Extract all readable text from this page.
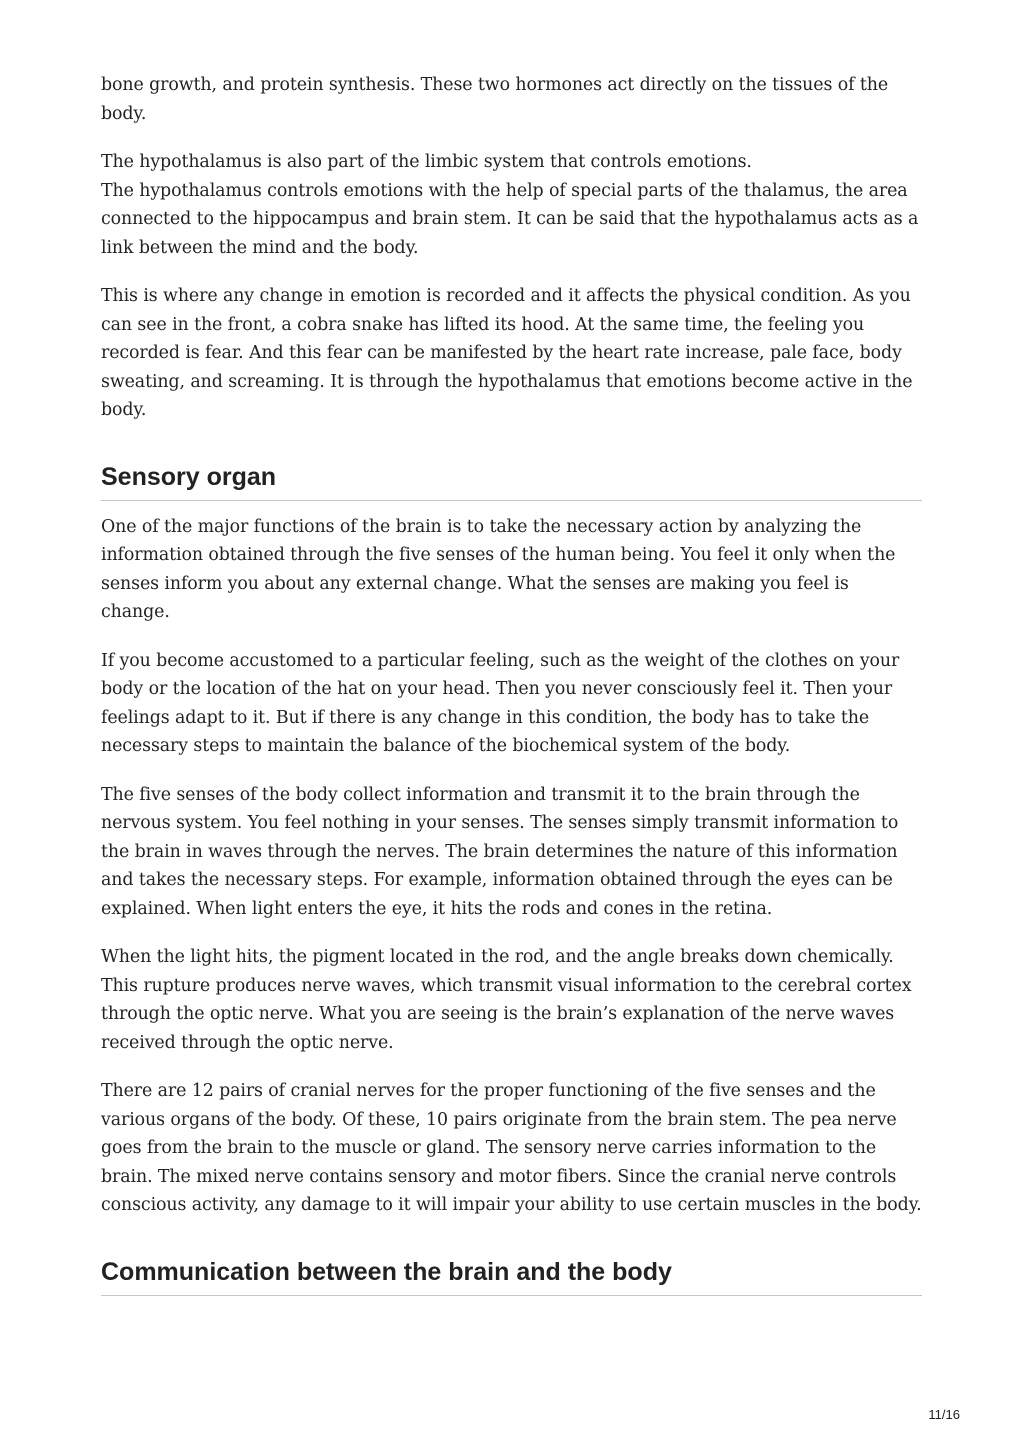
bone growth, and protein synthesis. These two hormones act directly on the tissues of the body.

The hypothalamus is also part of the limbic system that controls emotions.
The hypothalamus controls emotions with the help of special parts of the thalamus, the area connected to the hippocampus and brain stem. It can be said that the hypothalamus acts as a link between the mind and the body.

This is where any change in emotion is recorded and it affects the physical condition. As you can see in the front, a cobra snake has lifted its hood. At the same time, the feeling you recorded is fear. And this fear can be manifested by the heart rate increase, pale face, body sweating, and screaming. It is through the hypothalamus that emotions become active in the body.

Sensory organ

One of the major functions of the brain is to take the necessary action by analyzing the information obtained through the five senses of the human being. You feel it only when the senses inform you about any external change. What the senses are making you feel is change.

If you become accustomed to a particular feeling, such as the weight of the clothes on your body or the location of the hat on your head. Then you never consciously feel it. Then your feelings adapt to it. But if there is any change in this condition, the body has to take the necessary steps to maintain the balance of the biochemical system of the body.

The five senses of the body collect information and transmit it to the brain through the nervous system. You feel nothing in your senses. The senses simply transmit information to the brain in waves through the nerves. The brain determines the nature of this information and takes the necessary steps. For example, information obtained through the eyes can be explained. When light enters the eye, it hits the rods and cones in the retina.

When the light hits, the pigment located in the rod, and the angle breaks down chemically. This rupture produces nerve waves, which transmit visual information to the cerebral cortex through the optic nerve. What you are seeing is the brain’s explanation of the nerve waves received through the optic nerve.

There are 12 pairs of cranial nerves for the proper functioning of the five senses and the various organs of the body. Of these, 10 pairs originate from the brain stem. The pea nerve goes from the brain to the muscle or gland. The sensory nerve carries information to the brain. The mixed nerve contains sensory and motor fibers. Since the cranial nerve controls conscious activity, any damage to it will impair your ability to use certain muscles in the body.

Communication between the brain and the body
11/16
